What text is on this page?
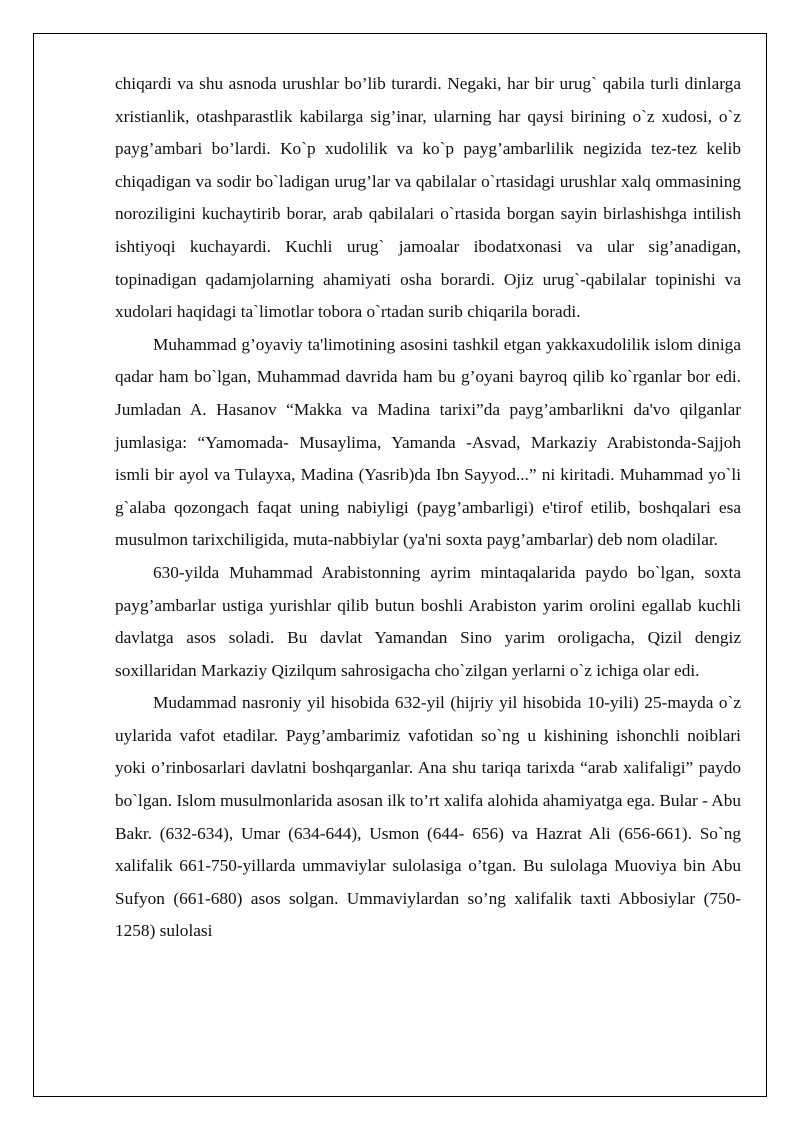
chiqardi va shu asnoda urushlar bo’lib turardi. Negaki, har bir urug` qabila turli dinlarga xristianlik, otashparastlik kabilarga sig’inar, ularning har qaysi birining o`z xudosi, o`z payg’ambari bo’lardi. Ko`p xudolilik va ko`p payg’ambarlilik negizida tez-tez kelib chiqadigan va sodir bo`ladigan urug’lar va qabilalar o`rtasidagi urushlar xalq ommasining noroziligini kuchaytirib borar, arab qabilalari o`rtasida borgan sayin birlashishga intilish ishtiyoqi kuchayardi. Kuchli urug` jamoalar ibodatxonasi va ular sig’anadigan, topinadigan qadamjolarning ahamiyati osha borardi. Ojiz urug`-qabilalar topinishi va xudolari haqidagi ta`limotlar tobora o`rtadan surib chiqarila boradi.

Muhammad g’oyaviy ta'limotining asosini tashkil etgan yakkaxudolilik islom diniga qadar ham bo`lgan, Muhammad davrida ham bu g’oyani bayroq qilib ko`rganlar bor edi. Jumladan A. Hasanov “Makka va Madina tarixi”da payg’ambarlikni da'vo qilganlar jumlasiga: “Yamomada- Musaylima, Yamanda -Asvad, Markaziy Arabistonda-Sajjoh ismli bir ayol va Tulayxa, Madina (Yasrib)da Ibn Sayyod...” ni kiritadi. Muhammad yo`li g`alaba qozongach faqat uning nabiyligi (payg’ambarligi) e'tirof etilib, boshqalari esa musulmon tarixchiligida, muta-nabbiylar (ya'ni soxta payg’ambarlar) deb nom oladilar.

630-yilda Muhammad Arabistonning ayrim mintaqalarida paydo bo`lgan, soxta payg’ambarlar ustiga yurishlar qilib butun boshli Arabiston yarim orolini egallab kuchli davlatga asos soladi. Bu davlat Yamandan Sino yarim oroligacha, Qizil dengiz soxillaridan Markaziy Qizilqum sahrosigacha cho`zilgan yerlarni o`z ichiga olar edi.

Mudammad nasroniy yil hisobida 632-yil (hijriy yil hisobida 10-yili) 25-mayda o`z uylarida vafot etadilar. Payg’ambarimiz vafotidan so`ng u kishining ishonchli noiblari yoki o’rinbosarlari davlatni boshqarganlar. Ana shu tariqa tarixda “arab xalifaligi” paydo bo`lgan. Islom musulmonlarida asosan ilk to’rt xalifa alohida ahamiyatga ega. Bular - Abu Bakr. (632-634), Umar (634-644), Usmon (644- 656) va Hazrat Ali (656-661). So`ng xalifalik 661-750-yillarda ummaviylar sulolasiga o’tgan. Bu sulolaga Muoviya bin Abu Sufyon (661-680) asos solgan. Ummaviylardan so’ng xalifalik taxti Abbosiylar (750-1258) sulolasi
